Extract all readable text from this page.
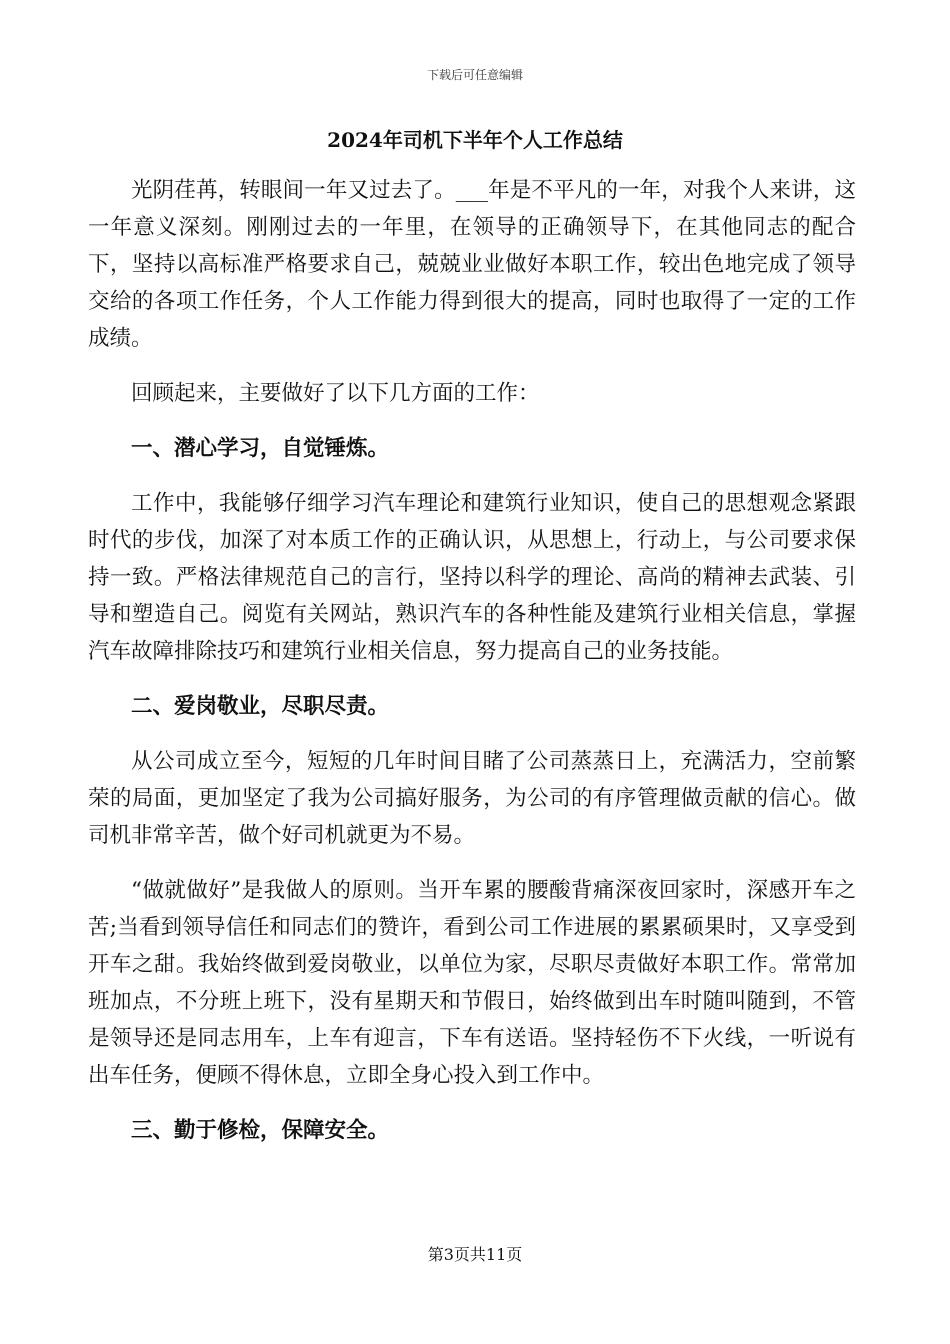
下载后可任意编辑
2024年司机下半年个人工作总结

光阴荏苒，转眼间一年又过去了。___年是不平凡的一年，对我个人来讲，这一年意义深刻。刚刚过去的一年里，在领导的正确领导下，在其他同志的配合下，坚持以高标准严格要求自己，兢兢业业做好本职工作，较出色地完成了领导交给的各项工作任务，个人工作能力得到很大的提高，同时也取得了一定的工作成绩。

回顾起来，主要做好了以下几方面的工作：

一、潜心学习，自觉锤炼。

工作中，我能够仔细学习汽车理论和建筑行业知识，使自己的思想观念紧跟时代的步伐，加深了对本质工作的正确认识，从思想上，行动上，与公司要求保持一致。严格法律规范自己的言行，坚持以科学的理论、高尚的精神去武装、引导和塑造自己。阅览有关网站，熟识汽车的各种性能及建筑行业相关信息，掌握汽车故障排除技巧和建筑行业相关信息，努力提高自己的业务技能。

二、爱岗敬业，尽职尽责。

从公司成立至今，短短的几年时间目睹了公司蒸蒸日上，充满活力，空前繁荣的局面，更加坚定了我为公司搞好服务，为公司的有序管理做贡献的信心。做司机非常辛苦，做个好司机就更为不易。

“做就做好”是我做人的原则。当开车累的腰酸背痛深夜回家时，深感开车之苦;当看到领导信任和同志们的赞许，看到公司工作进展的累累硕果时，又享受到开车之甜。我始终做到爱岗敬业，以单位为家，尽职尽责做好本职工作。常常加班加点，不分班上班下，没有星期天和节假日，始终做到出车时随叫随到，不管是领导还是同志用车，上车有迎言，下车有送语。坚持轻伤不下火线，一听说有出车任务，便顾不得休息，立即全身心投入到工作中。

三、勤于修检，保障安全。

第3页共11页
